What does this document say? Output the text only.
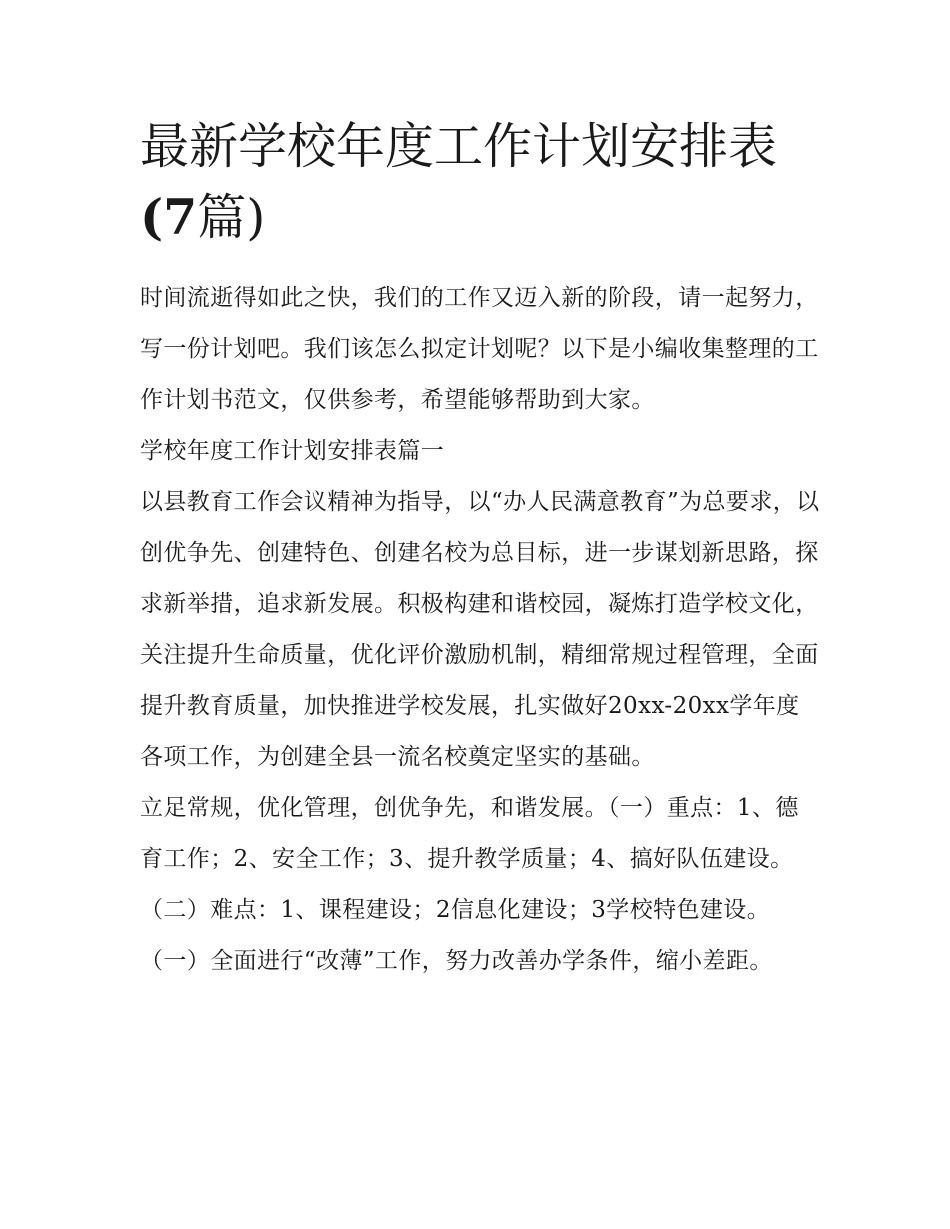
最新学校年度工作计划安排表
(7篇)

时间流逝得如此之快，我们的工作又迈入新的阶段，请一起努力，写一份计划吧。我们该怎么拟定计划呢？以下是小编收集整理的工作计划书范文，仅供参考，希望能够帮助到大家。

学校年度工作计划安排表篇一

以县教育工作会议精神为指导，以“办人民满意教育”为总要求，以创优争先、创建特色、创建名校为总目标，进一步谋划新思路，探求新举措，追求新发展。积极构建和谐校园，凝炼打造学校文化，关注提升生命质量，优化评价激励机制，精细常规过程管理，全面提升教育质量，加快推进学校发展，扎实做好20xx-20xx学年度各项工作，为创建全县一流名校奠定坚实的基础。

立足常规，优化管理，创优争先，和谐发展。（一）重点：1、德育工作；2、安全工作；3、提升教学质量；4、搞好队伍建设。

（二）难点：1、课程建设；2信息化建设；3学校特色建设。

（一）全面进行“改薄”工作，努力改善办学条件，缩小差距。
